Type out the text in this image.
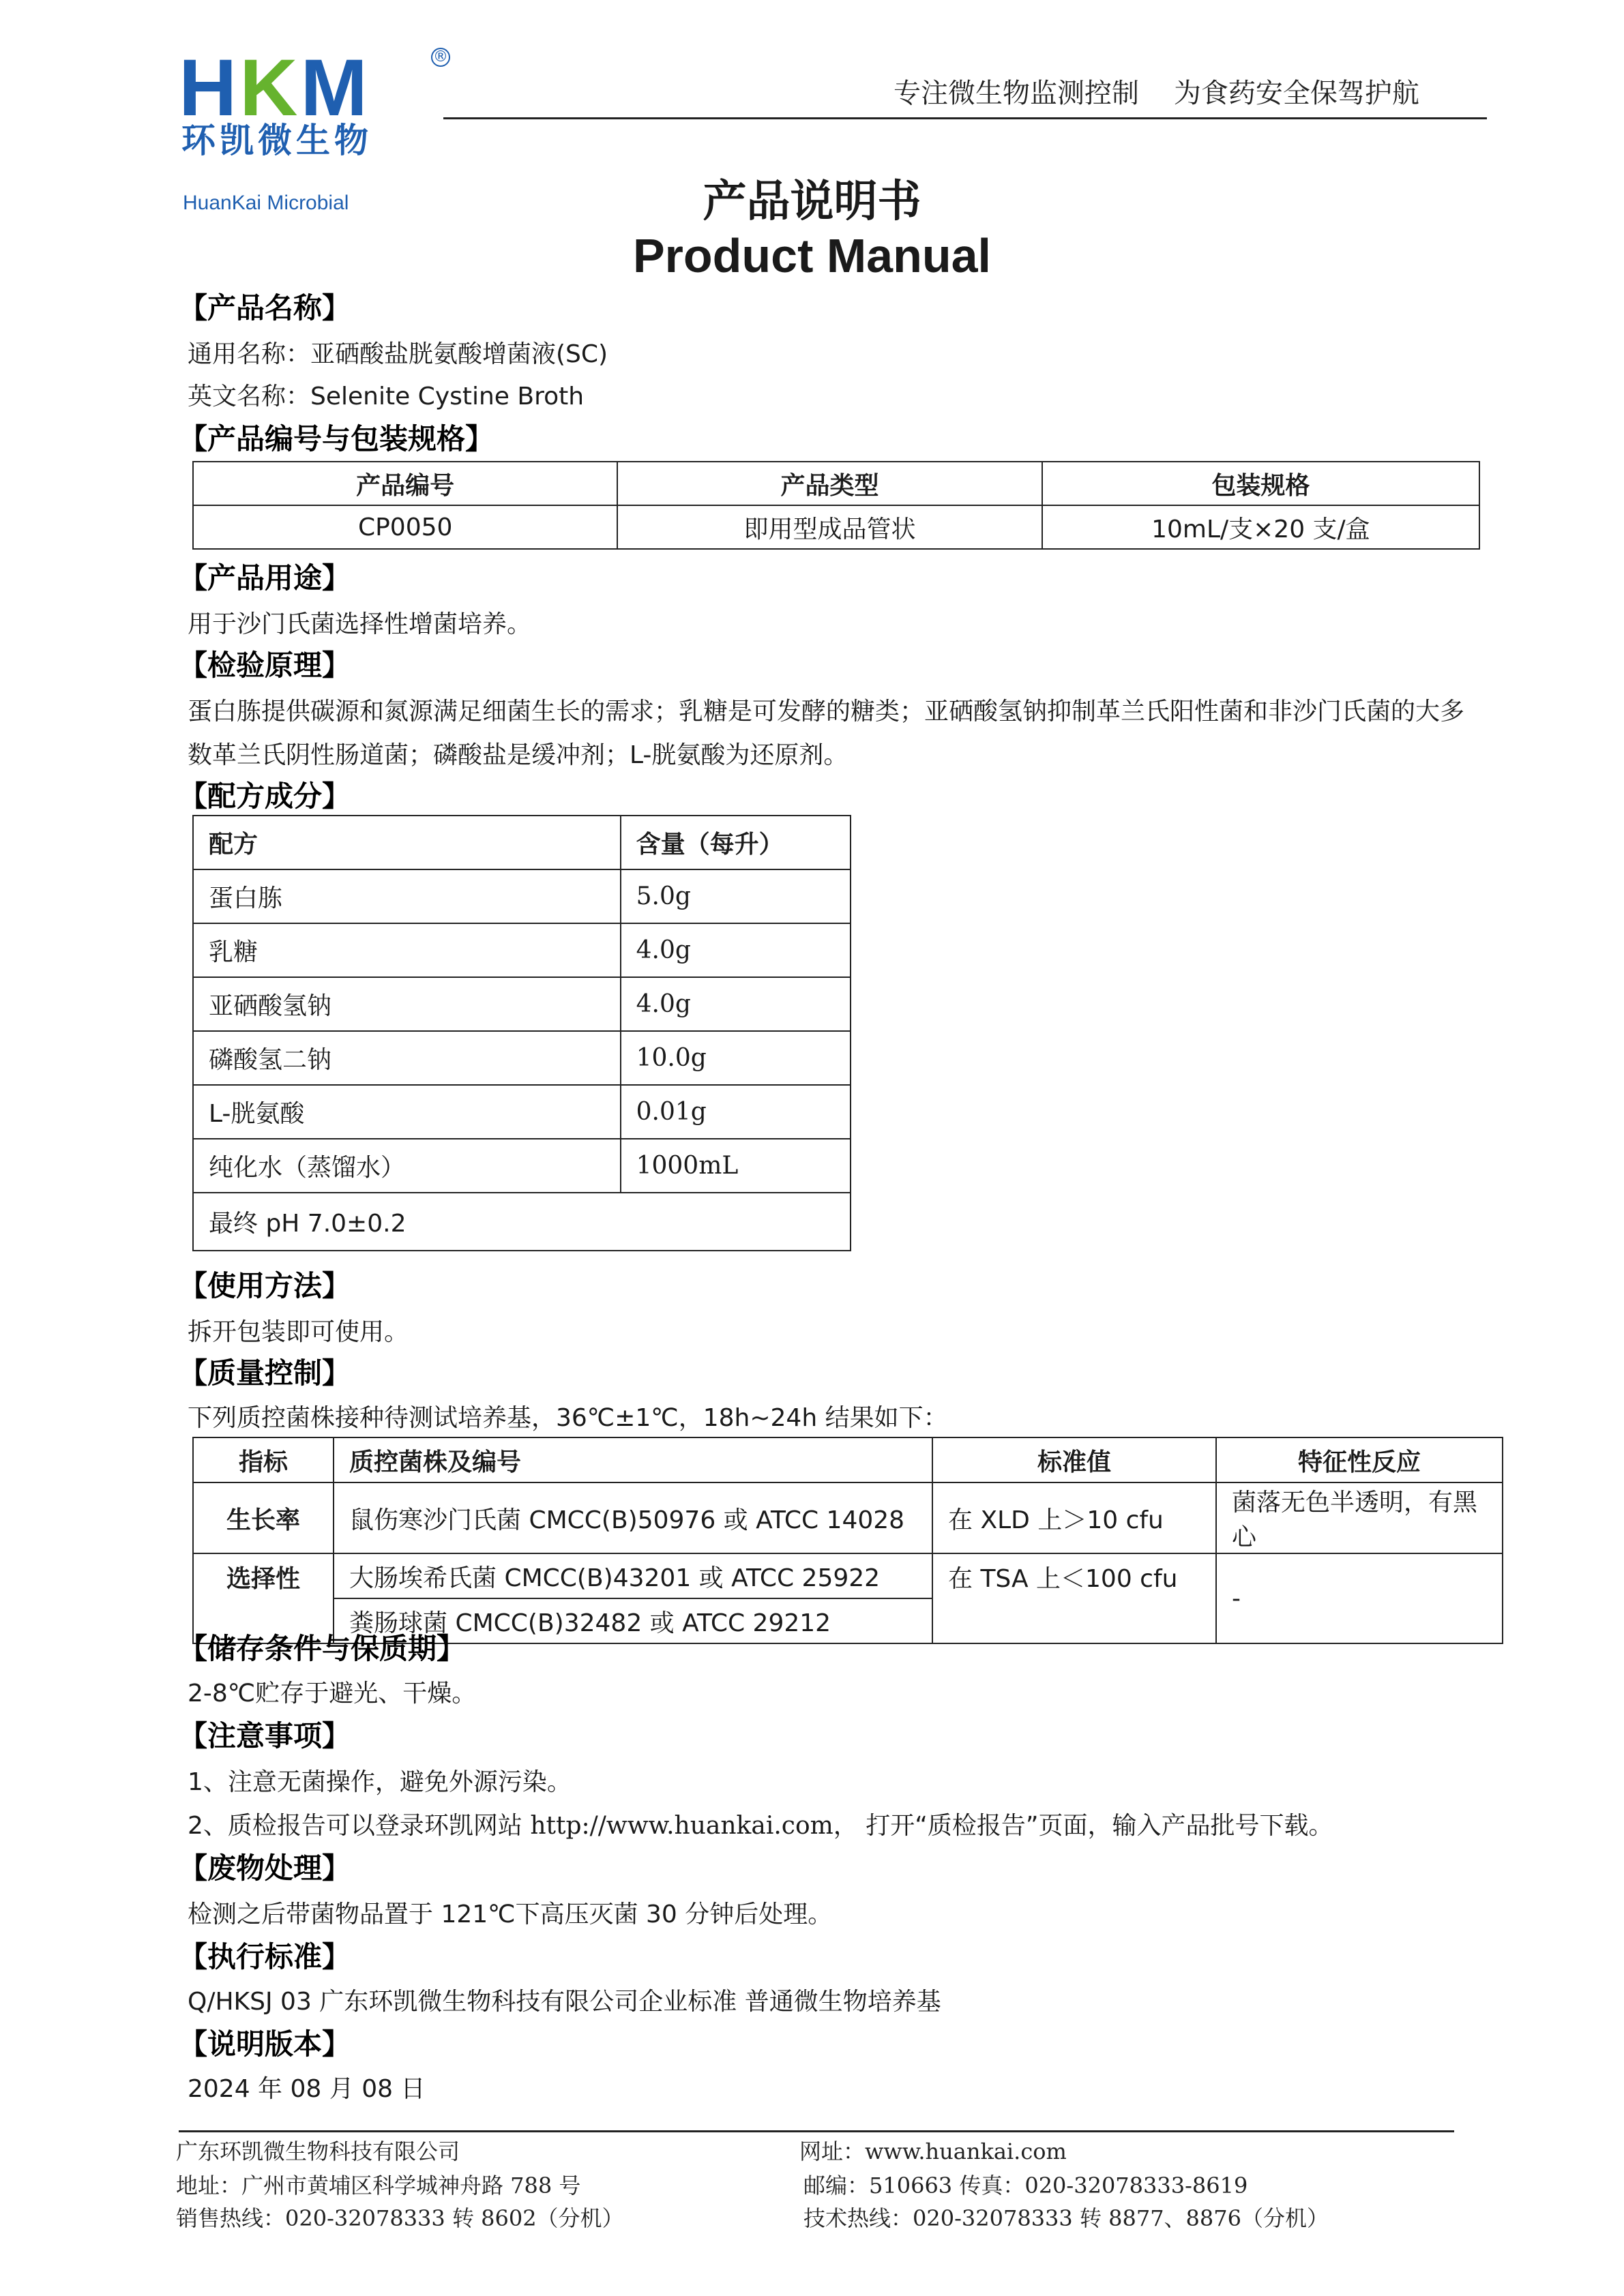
HKM	®
环凯微生物
HuanKai Microbial
专注微生物监测控制    为食药安全保驾护航
产品说明书
Product Manual
【产品名称】
通用名称：亚硒酸盐胱氨酸增菌液(SC)
英文名称：Selenite Cystine Broth
【产品编号与包装规格】
产品编号	产品类型	包装规格
CP0050	即用型成品管状	10mL/支×20 支/盒
【产品用途】
用于沙门氏菌选择性增菌培养。
【检验原理】
蛋白胨提供碳源和氮源满足细菌生长的需求；乳糖是可发酵的糖类；亚硒酸氢钠抑制革兰氏阳性菌和非沙门氏菌的大多
数革兰氏阴性肠道菌；磷酸盐是缓冲剂；L-胱氨酸为还原剂。
【配方成分】
配方	含量（每升）
蛋白胨	5.0g
乳糖	4.0g
亚硒酸氢钠	4.0g
磷酸氢二钠	10.0g
L-胱氨酸	0.01g
纯化水（蒸馏水）	1000mL
最终 pH 7.0±0.2	
【使用方法】
拆开包装即可使用。
【质量控制】
下列质控菌株接种待测试培养基，36℃±1℃，18h~24h 结果如下：
指标	质控菌株及编号	标准值	特征性反应
生长率	鼠伤寒沙门氏菌 CMCC(B)50976 或 ATCC 14028	在 XLD 上＞10 cfu	菌落无色半透明，有黑心
选择性	大肠埃希氏菌 CMCC(B)43201 或 ATCC 25922	在 TSA 上＜100 cfu	-
	粪肠球菌 CMCC(B)32482 或 ATCC 29212		
【储存条件与保质期】
2-8℃贮存于避光、干燥。
【注意事项】
1、注意无菌操作，避免外源污染。
2、质检报告可以登录环凯网站 http://www.huankai.com， 打开“质检报告”页面，输入产品批号下载。
【废物处理】
检测之后带菌物品置于 121℃下高压灭菌 30 分钟后处理。
【执行标准】
Q/HKSJ 03 广东环凯微生物科技有限公司企业标准 普通微生物培养基
【说明版本】
2024 年 08 月 08 日
广东环凯微生物科技有限公司
地址：广州市黄埔区科学城神舟路 788 号
销售热线：020-32078333 转 8602（分机）
网址：www.huankai.com
邮编：510663 传真：020-32078333-8619
技术热线：020-32078333 转 8877、8876（分机）
